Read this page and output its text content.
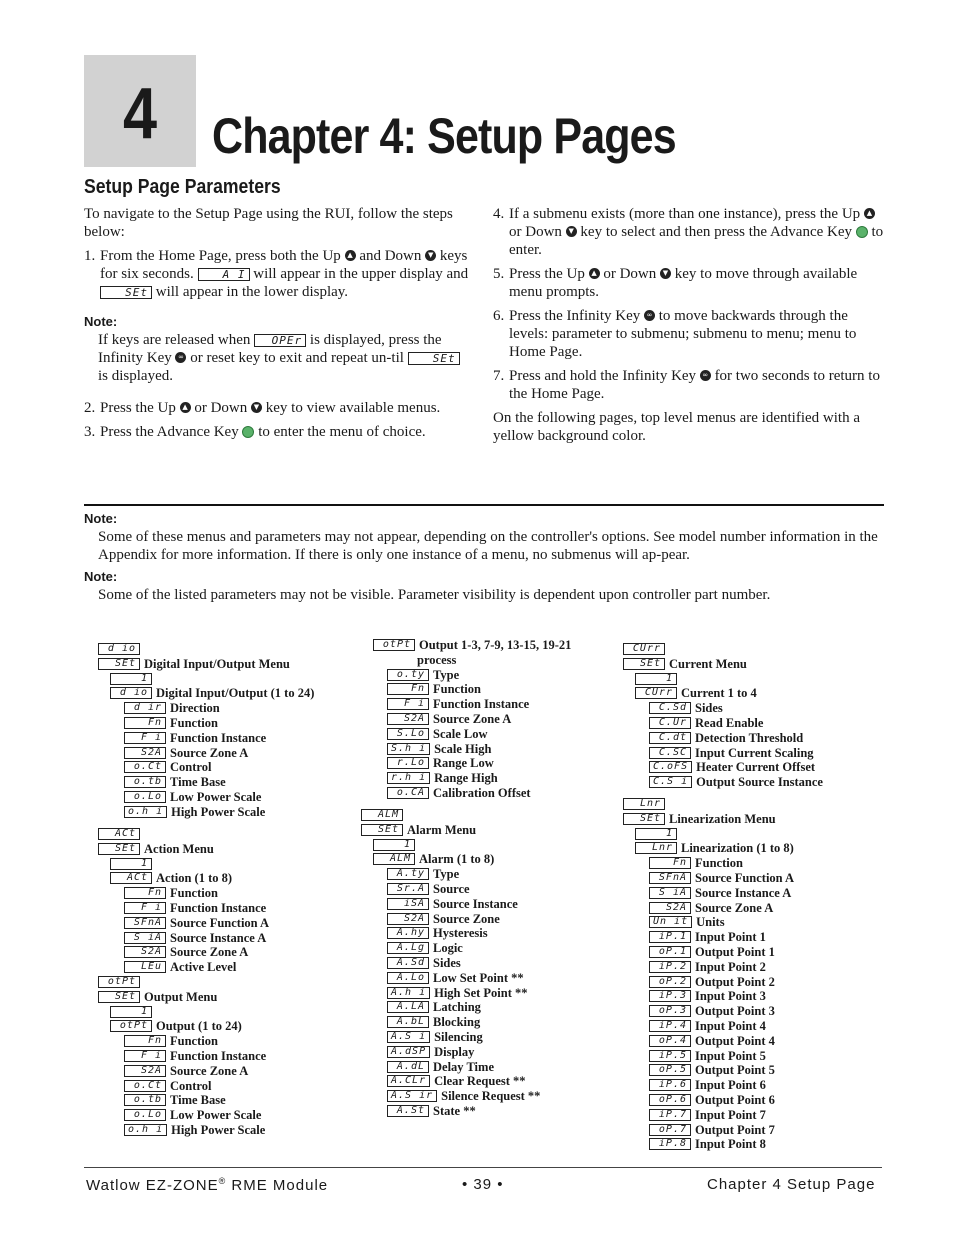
4	Chapter 4: Setup Pages
Setup Page Parameters

To navigate to the Setup Page using the RUI, follow the steps below:

1. From the Home Page, press both the Up ▲ and Down ▼ keys for six seconds.	A I will appear in the upper display and SEt will appear in the lower display.
Note:
If keys are released when OPEr is displayed, press the Infinity Key ∞ or reset key to exit and repeat un-til	SEt is displayed.
2. Press the Up ▲ or Down ▼ key to view available menus.
3. Press the Advance Key to enter the menu of choice.
4. If a submenu exists (more than one instance), press the Up ▲ or Down ▼ key to select and then press the Advance Key to enter.
5. Press the Up ▲ or Down ▼ key to move through available menu prompts.
6. Press the Infinity Key ∞ to move backwards through the levels: parameter to submenu; submenu to menu; menu to Home Page.
7. Press and hold the Infinity Key ∞ for two seconds to return to the Home Page.

On the following pages, top level menus are identified with a yellow background color.

Note:
Some of these menus and parameters may not appear, depending on the controller's options. See model number information in the Appendix for more information. If there is only one instance of a menu, no submenus will ap-pear.
Note:
Some of the listed parameters may not be visible. Parameter visibility is dependent upon controller part number.
d io
SEt Digital Input/Output Menu
1
d io Digital Input/Output (1 to 24)
d ir Direction
Fn Function
F i Function Instance
S2A Source Zone A
o.Ct Control
o.tb Time Base
o.Lo Low Power Scale
o.h i High Power Scale
ACt
SEt Action Menu
1
ACt Action (1 to 8)
Fn Function
F i Function Instance
SFnA Source Function A
S iA Source Instance A
S2A Source Zone A
LEu Active Level
otPt
SEt Output Menu
1
otPt Output (1 to 24)
Fn Function
F i Function Instance
S2A Source Zone A
o.Ct Control
o.tb Time Base
o.Lo Low Power Scale
o.h i High Power Scale
otPt Output 1-3, 7-9, 13-15, 19-21
process
o.ty Type
Fn Function
F i Function Instance
S2A Source Zone A
S.Lo Scale Low
S.h i Scale High
r.Lo Range Low
r.h i Range High
o.CA Calibration Offset
ALM
SEt Alarm Menu
1
ALM Alarm (1 to 8)
A.ty Type
Sr.A Source
iSA Source Instance
S2A Source Zone
A.hy Hysteresis
A.Lg Logic
A.Sd Sides
A.Lo Low Set Point **
A.h i High Set Point **
A.LA Latching
A.bL Blocking
A.S i Silencing
A.dSP Display
A.dL Delay Time
A.CLr Clear Request **
A.S ir Silence Request **
A.St State **
CUrr
SEt Current Menu
1
CUrr Current 1 to 4
C.Sd Sides
C.Ur Read Enable
C.dt Detection Threshold
C.SC Input Current Scaling
C.oFS Heater Current Offset
C.S i Output Source Instance
Lnr
SEt Linearization Menu
1
Lnr Linearization (1 to 8)
Fn Function
SFnA Source Function A
S iA Source Instance A
S2A Source Zone A
Un it Units
iP.1 Input Point 1
oP.1 Output Point 1
iP.2 Input Point 2
oP.2 Output Point 2
iP.3 Input Point 3
oP.3 Output Point 3
iP.4 Input Point 4
oP.4 Output Point 4
iP.5 Input Point 5
oP.5 Output Point 5
iP.6 Input Point 6
oP.6 Output Point 6
iP.7 Input Point 7
oP.7 Output Point 7
iP.8 Input Point 8
Watlow EZ-ZONE® RME Module	• 39 •	Chapter 4 Setup Page
